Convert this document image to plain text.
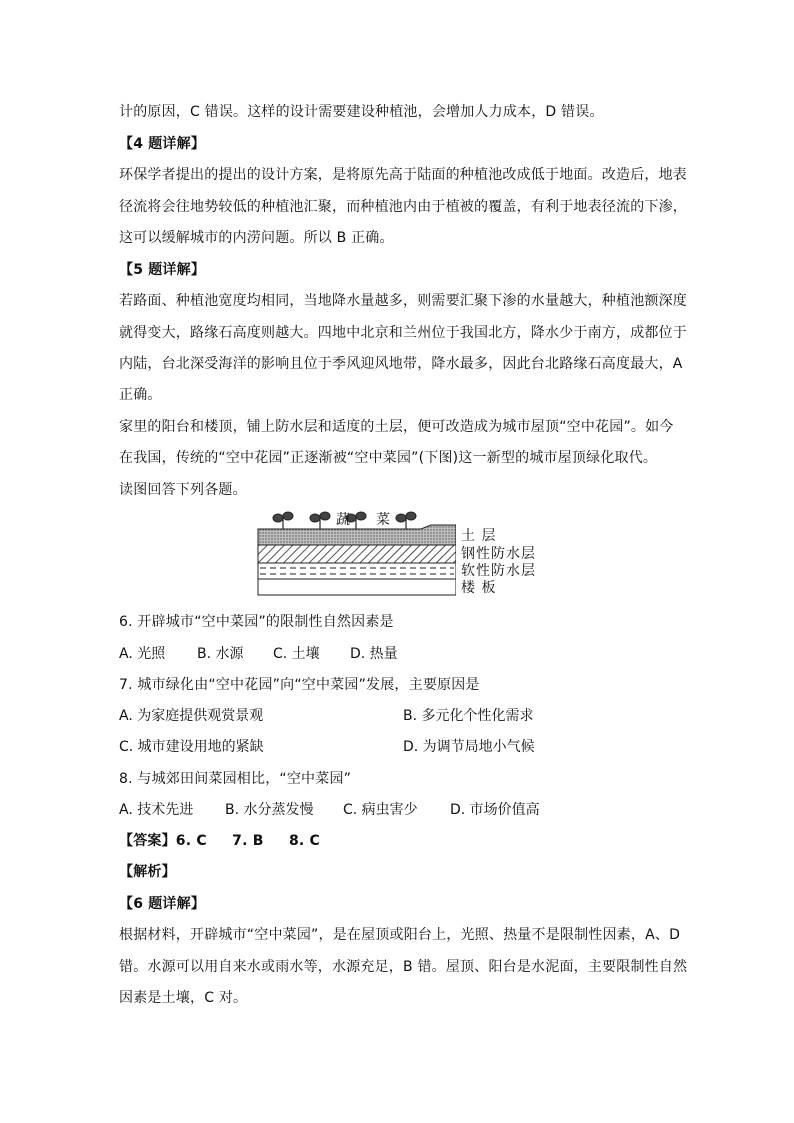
计的原因，C 错误。这样的设计需要建设种植池，会增加人力成本，D 错误。
【4 题详解】
环保学者提出的提出的设计方案，是将原先高于陆面的种植池改成低于地面。改造后，地表
径流将会往地势较低的种植池汇聚，而种植池内由于植被的覆盖，有利于地表径流的下渗，
这可以缓解城市的内涝问题。所以 B 正确。
【5 题详解】
若路面、种植池宽度均相同，当地降水量越多，则需要汇聚下渗的水量越大，种植池额深度
就得变大，路缘石高度则越大。四地中北京和兰州位于我国北方，降水少于南方，成都位于
内陆，台北深受海洋的影响且位于季风迎风地带，降水最多，因此台北路缘石高度最大，A
正确。
家里的阳台和楼顶，铺上防水层和适度的土层，便可改造成为城市屋顶“空中花园”。如今
在我国，传统的“空中花园”正逐渐被“空中菜园”(下图)这一新型的城市屋顶绿化取代。
读图回答下列各题。
蔬 菜
土 层
钢性防水层
软性防水层
楼 板
6. 开辟城市“空中菜园”的限制性自然因素是
A. 光照 B. 水源 C. 土壤 D. 热量
7. 城市绿化由“空中花园”向“空中菜园”发展，主要原因是
A. 为家庭提供观赏景观	B. 多元化个性化需求
C. 城市建设用地的紧缺	D. 为调节局地小气候
8. 与城郊田间菜园相比，“空中菜园”
A. 技术先进 B. 水分蒸发慢 C. 病虫害少 D. 市场价值高
【答案】6. C     7. B     8. C
【解析】
【6 题详解】
根据材料，开辟城市“空中菜园”，是在屋顶或阳台上，光照、热量不是限制性因素，A、D
错。水源可以用自来水或雨水等，水源充足，B 错。屋顶、阳台是水泥面，主要限制性自然
因素是土壤，C 对。
